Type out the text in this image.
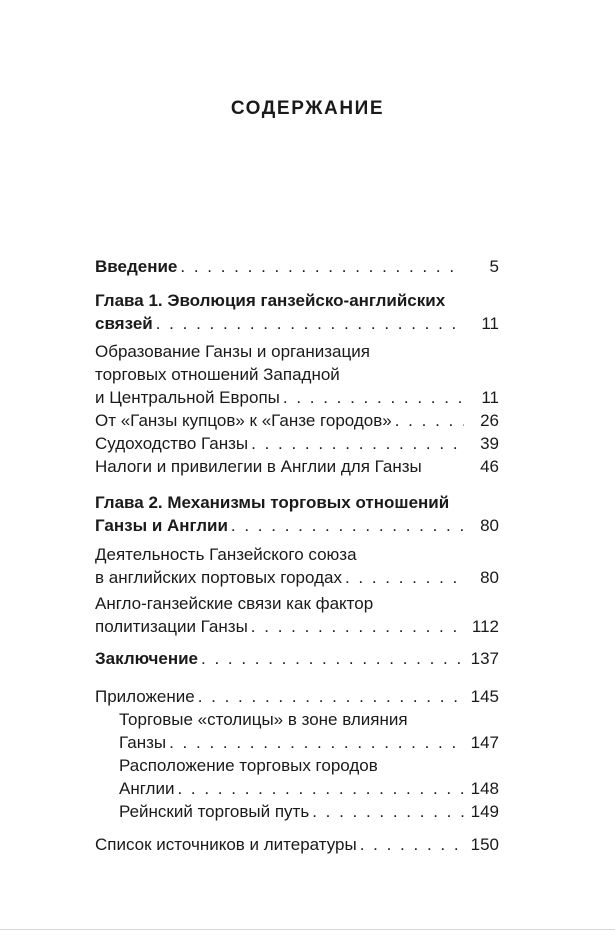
СОДЕРЖАНИЕ
Введение . . .	5
Глава 1. Эволюция ганзейско-английских
связей . . .	11
Образование Ганзы и организация
торговых отношений Западной
и Центральной Европы . . .	11
От «Ганзы купцов» к «Ганзе городов» . . .	26
Судоходство Ганзы . . .	39
Налоги и привилегии в Англии для Ганзы	46
Глава 2. Механизмы торговых отношений
Ганзы и Англии . . .	80
Деятельность Ганзейского союза
в английских портовых городах . . .	80
Англо-ганзейские связи как фактор
политизации Ганзы . . .	112
Заключение . . .	137
Приложение . . .	145
Торговые «столицы» в зоне влияния
Ганзы . . .	147
Расположение торговых городов
Англии . . .	148
Рейнский торговый путь . . .	149
Список источников и литературы . . .	150
